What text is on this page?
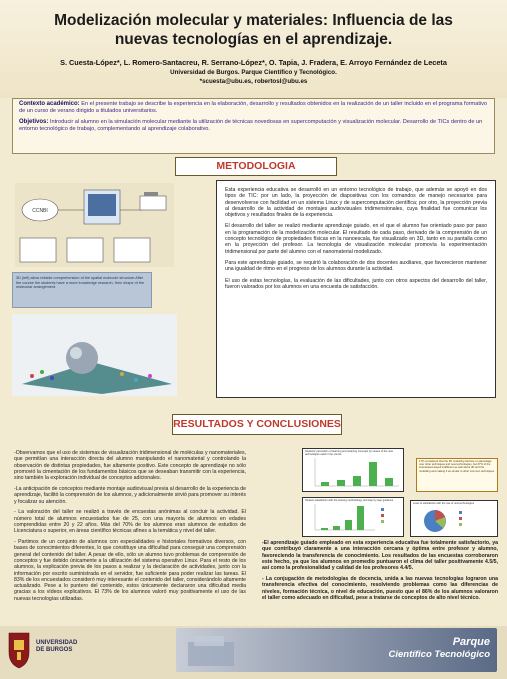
Modelización molecular y materiales: Influencia de las
nuevas tecnologías en el aprendizaje.
S. Cuesta-López*, L. Romero-Santacreu, R. Serrano-López*, O. Tapia, J. Fradera, E. Arroyo Fernández de Leceta
Universidad de Burgos. Parque Científico y Tecnológico.
*scuesta@ubu.es, robertosl@ubu.es

Contexto académico: En el presente trabajo se describe la experiencia en la elaboración, desarrollo y resultados obtenidos en la realización de un taller incluido en el programa formativo de un curso de verano dirigido a titulados universitarios.

Objetivos: Introducir al alumno en la simulación molecular mediante la utilización de técnicas novedosas en supercomputación y visualización molecular. Desarrollo de TICs dentro de un entorno tecnológico de trabajo, complementando al aprendizaje colaborativo.

METODOLOGIA
CCNBI
3D (left) allow reliable comprehension of the spatial molecule structure.After the course the students have a more knowledge research, then shape of the molecular arrangement.

Esta experiencia educativa se desarrolló en un entorno tecnológico de trabajo, que además se apoyó en dos tipos de TIC: por un lado, la proyección de diapositivas con los comandos de manejo necesarios para desenvolverse con facilidad en un sistema Linux y de supercomputación científica; por otro, la proyección previa al desarrollo de la actividad de montajes audiovisuales tridimensionales, cuya finalidad fue comunicar los objetivos y resultados finales de la experiencia.

El desarrollo del taller se realizó mediante aprendizaje guiado, en el que el alumno fue orientado paso por paso en la programación de la modelización molecular. El resultado de cada paso, derivado de la comprensión de un concepto tecnológico de propiedades físicas en la nanoescala, fue visualizado en 3D, tanto en su pantalla como en la proyección del profesor. La tecnología de visualización molecular promovía la experimentación tridimensional por parte del alumno con el nanomaterial modelizado.

Para este aprendizaje guiado, se requirió la colaboración de dos docentes auxiliares, que favorecieron mantener una igualdad de ritmo en el progreso de los alumnos durante la actividad.

El uso de estas tecnologías, la evaluación de las dificultades, junto con otros aspectos del desarrollo del taller, fueron valorados por los alumnos en una encuesta de satisfacción.

RESULTADOS Y CONCLUSIONES

-Observamos que el uso de sistemas de visualización tridimensional de moléculas y nanomateriales, que permitían una interacción directa del alumno manipulando el nanomaterial y controlando la observación de distintas propiedades, fue altamente positivo. Este concepto de aprendizaje no sólo promovió la cimentación de los fundamentos básicos que se deseaban transmitir con la experiencia, sino también la exploración individual de conceptos adicionales.

-La anticipación de conceptos mediante montaje audiovisual previa al desarrollo de la experiencia de aprendizaje, facilitó la comprensión de los alumnos, y adicionalmente sirvió para promover su interés y focalizar su atención.

- La valoración del taller se realizó a través de encuestas anónimas al concluir la actividad. El número total de alumnos encuestados fue de 25, con una mayoría de alumnos en edades comprendidas entre 20 y 22 años. Más del 70% de los alumnos eran alumnos de estudios de Licenciatura o superior, en áreas científico técnicas afines a la temática y nivel del taller.

- Partimos de un conjunto de alumnos con especialidades e historiales formativos diversos, con bases de conocimientos diferentes, lo que constituye una dificultad para conseguir una comprensión general del contenido del taller. A pesar de ello, sólo un alumno tuvo problemas de comprensión de conceptos y fue debido únicamente a la utilización del sistema operativo Linux. Para el resto de los alumnos, la explicación previa de los pasos a realizar y la declaración de actividades, junto con la información por escrito suministrada en el servidor, fue suficiente para poder realizar las tareas. El 83% de los encuestados consideró muy interesante el contenido del taller, considerándolo altamente actualizado. Pese a lo puntero del contenido, estos únicamente declararon una dificultad media gracias a los vídeos explicativos. El 73% de los alumnos valoró muy positivamente el uso de las nuevas tecnologías utilizadas.

Students' perception of learning and retaining concepts by means of the new technologies used in the course
17% considered that the 3D modelling had few on advantage over other techniques and new technologies, but 67% of the interviewed stayed indifferent as well about 3D and the modelling and making it as similar to other common techniques.
Student satisfaction with the tutoring methodology and step by step guidance
Level of satisfaction with the use of new technologies

-El aprendizaje guiado empleado en esta experiencia educativa fue totalmente satisfactorio, ya que contribuyó claramente a una interacción cercana y óptima entre profesor y alumno, favoreciendo la transferencia de conocimiento. Los resultados de las encuestas corroboraron este hecho, ya que los alumnos en promedio puntuaron el clima del taller positivamente 4.5/5, así como la profesionalidad y calidad de los profesores 4.4/5.

- La conjugación de metodologías de docencia, unida a las nuevas tecnologías lograron una transferencia efectiva del conocimiento, resolviendo problemas como las diferencias de niveles, formación técnica, o nivel de educación, puesto que el 86% de los alumnos valoraron el taller como adecuado en dificultad, pese a tratarse de conceptos de alto nivel técnico.

UNIVERSIDAD
DE BURGOS
Parque
Científico Tecnológico
